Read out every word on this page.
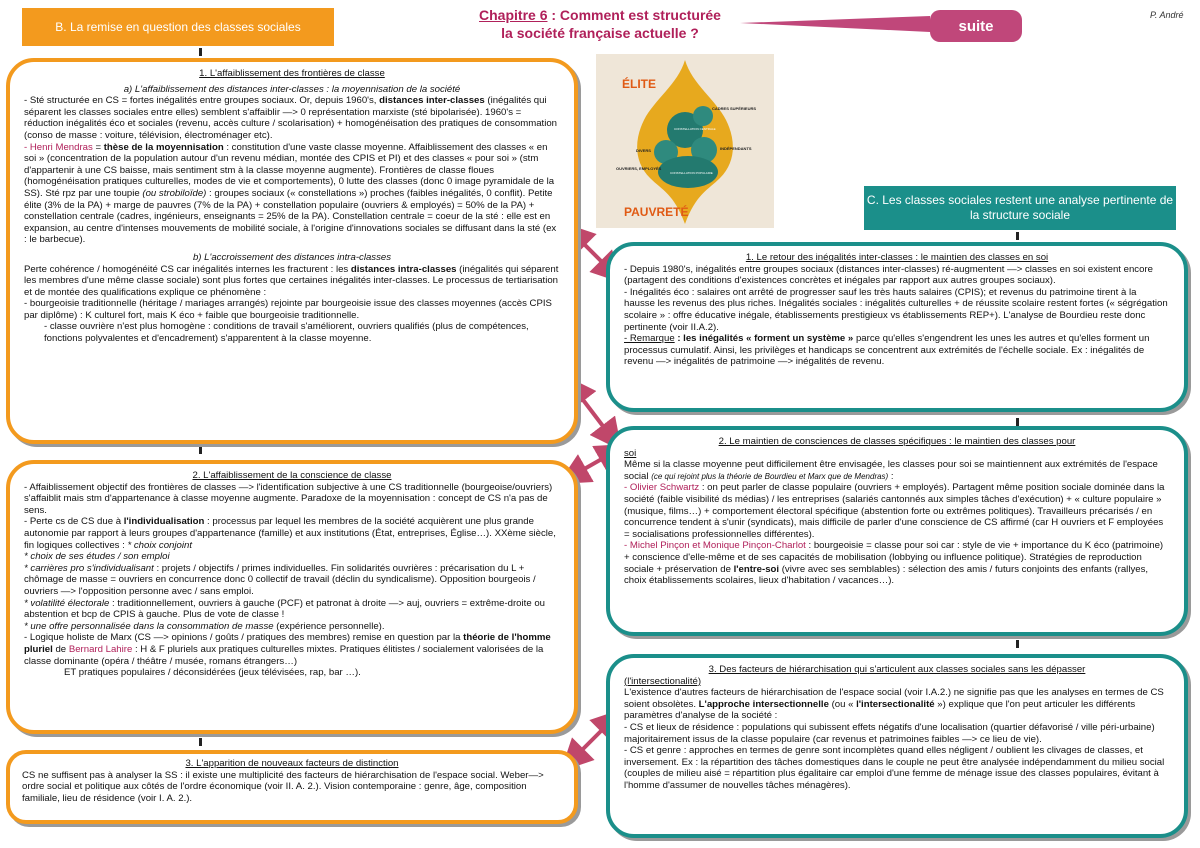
B. La remise en question des classes sociales
Chapitre 6 : Comment est structurée
la société française actuelle ?	suite
P. André
C. Les classes sociales restent une analyse pertinente de la structure sociale
ÉLITE
PAUVRETÉ
CADRES SUPÉRIEURS
CONSTELLATION CENTRALE
DIVERS	INDÉPENDANTS
OUVRIERS, EMPLOYÉS
CONSTELLATION POPULAIRE

1. L'affaiblissement des frontières de classe

a) L'affaiblissement des distances inter-classes : la moyennisation de la société

- Sté structurée en CS = fortes inégalités entre groupes sociaux. Or, depuis 1960's, distances inter-classes (inégalités qui séparent les classes sociales entre elles) semblent s'affaiblir —> 0 représentation marxiste (sté bipolarisée). 1960's = réduction inégalités éco et sociales (revenu, accès culture / scolarisation) + homogénéisation des pratiques de consommation (conso de masse : voiture, télévision, électroménager etc).

- Henri Mendras = thèse de la moyennisation : constitution d'une vaste classe moyenne. Affaiblissement des classes « en soi » (concentration de la population autour d'un revenu médian, montée des CPIS et PI) et des classes « pour soi » (stm d'appartenir à une CS baisse, mais sentiment stm à la classe moyenne augmente). Frontières de classe floues (homogénéisation pratiques culturelles, modes de vie et comportements), 0 lutte des classes (donc 0 image pyramidale de la SS). Sté rpz par une toupie (ou strobiloïde) : groupes sociaux (« constellations ») proches (faibles inégalités, 0 conflit). Petite élite (3% de la PA) + marge de pauvres (7% de la PA) + constellation populaire (ouvriers & employés) = 50% de la PA) + constellation centrale (cadres, ingénieurs, enseignants = 25% de la PA). Constellation centrale = coeur de la sté : elle est en expansion, au centre d'intenses mouvements de mobilité sociale, à l'origine d'innovations sociales se diffusant dans la sté (ex : le barbecue).

b) L'accroissement des distances intra-classes

Perte cohérence / homogénéité CS car inégalités internes les fracturent : les distances intra-classes (inégalités qui séparent les membres d'une même classe sociale) sont plus fortes que certaines inégalités inter-classes. Le processus de tertiarisation et de montée des qualifications explique ce phénomène :

- bourgeoisie traditionnelle (héritage / mariages arrangés) rejointe par bourgeoisie issue des classes moyennes (accès CPIS par diplôme) : K culturel fort, mais K éco + faible que bourgeoisie traditionnelle.

- classe ouvrière n'est plus homogène : conditions de travail s'améliorent, ouvriers qualifiés (plus de compétences, fonctions polyvalentes et d'encadrement) s'apparentent à la classe moyenne.

2. L'affaiblissement de la conscience de classe

- Affaiblissement objectif des frontières de classes —> l'identification subjective à une CS traditionnelle (bourgeoise/ouvriers) s'affaiblit mais stm d'appartenance à classe moyenne augmente. Paradoxe de la moyennisation : concept de CS n'a pas de sens.

- Perte cs de CS due à l'individualisation : processus par lequel les membres de la société acquièrent une plus grande autonomie par rapport à leurs groupes d'appartenance (famille) et aux institutions (État, entreprises, Église…). XXème siècle, fin logiques collectives : * choix conjoint

* choix de ses études / son emploi

* carrières pro s'individualisant : projets / objectifs / primes individuelles. Fin solidarités ouvrières : précarisation du L + chômage de masse = ouvriers en concurrence donc 0 collectif de travail (déclin du syndicalisme). Opposition bourgeois / ouvriers —> l'opposition personne avec / sans emploi.

* volatilité électorale : traditionnellement, ouvriers à gauche (PCF) et patronat à droite —> auj, ouvriers = extrême-droite ou abstention et bcp de CPIS à gauche. Plus de vote de classe !

* une offre personnalisée dans la consommation de masse (expérience personnelle).

- Logique holiste de Marx (CS —> opinions / goûts / pratiques des membres) remise en question par la théorie de l'homme pluriel de Bernard Lahire : H & F pluriels aux pratiques culturelles mixtes. Pratiques élitistes / socialement valorisées de la classe dominante (opéra / théâtre / musée, romans étrangers…)

ET pratiques populaires / déconsidérées (jeux télévisées, rap, bar …).

3. L'apparition de nouveaux facteurs de distinction

CS ne suffisent pas à analyser la SS : il existe une multiplicité des facteurs de hiérarchisation de l'espace social. Weber—> ordre social et politique aux côtés de l'ordre économique (voir II. A. 2.). Vision contemporaine : genre, âge, composition familiale, lieu de résidence (voir I. A. 2.).

1. Le retour des inégalités inter-classes : le maintien des classes en soi

- Depuis 1980's, inégalités entre groupes sociaux (distances inter-classes) ré-augmentent —> classes en soi existent encore (partagent des conditions d'existences concrètes et inégales par rapport aux autres groupes sociaux).

- Inégalités éco : salaires ont arrêté de progresser sauf les très hauts salaires (CPIS); et revenus du patrimoine tirent à la hausse les revenus des plus riches. Inégalités sociales : inégalités culturelles + de réussite scolaire restent fortes (« ségrégation scolaire » : offre éducative inégale, établissements prestigieux vs établissements REP+). L'analyse de Bourdieu reste donc pertinente (voir II.A.2).

- Remarque : les inégalités « forment un système » parce qu'elles s'engendrent les unes les autres et qu'elles forment un processus cumulatif. Ainsi, les privilèges et handicaps se concentrent aux extrémités de l'échelle sociale. Ex : inégalités de revenu —> inégalités de patrimoine —> inégalités de revenu.

2. Le maintien de consciences de classes spécifiques : le maintien des classes pour

soi

Même si la classe moyenne peut difficilement être envisagée, les classes pour soi se maintiennent aux extrémités de l'espace social (ce qui rejoint plus la théorie de Bourdieu et Marx que de Mendras) :

- Olivier Schwartz : on peut parler de classe populaire (ouvriers + employés). Partagent même position sociale dominée dans la société (faible visibilité ds médias) / les entreprises (salariés cantonnés aux simples tâches d'exécution) + « culture populaire » (musique, films…) + comportement électoral spécifique (abstention forte ou extrêmes politiques). Travailleurs précarisés / en concurrence tendent à s'unir (syndicats), mais difficile de parler d'une conscience de CS affirmé (car H ouvriers et F employées = socialisations professionnelles différentes).

- Michel Pinçon et Monique Pinçon-Charlot : bourgeoisie = classe pour soi car : style de vie + importance du K éco (patrimoine) + conscience d'elle-même et de ses capacités de mobilisation (lobbying ou influence politique). Stratégies de reproduction sociale + préservation de l'entre-soi (vivre avec ses semblables) : sélection des amis / futurs conjoints des enfants (rallyes, choix établissements scolaires, lieux d'habitation / vacances…).

3. Des facteurs de hiérarchisation qui s'articulent aux classes sociales sans les dépasser

(l'intersectionalité)

L'existence d'autres facteurs de hiérarchisation de l'espace social (voir I.A.2.) ne signifie pas que les analyses en termes de CS soient obsolètes. L'approche intersectionnelle (ou « l'intersectionalité ») explique que l'on peut articuler les différents paramètres d'analyse de la société :

- CS et lieux de résidence : populations qui subissent effets négatifs d'une localisation (quartier défavorisé / ville péri-urbaine) majoritairement issus de la classe populaire (car revenus et patrimoines faibles —> ce lieu de vie).

- CS et genre : approches en termes de genre sont incomplètes quand elles négligent / oublient les clivages de classes, et inversement. Ex : la répartition des tâches domestiques dans le couple ne peut être analysée indépendamment du milieu social (couples de milieu aisé = répartition plus égalitaire car emploi d'une femme de ménage issue des classes populaires, évitant à l'homme d'assumer de nouvelles tâches ménagères).
